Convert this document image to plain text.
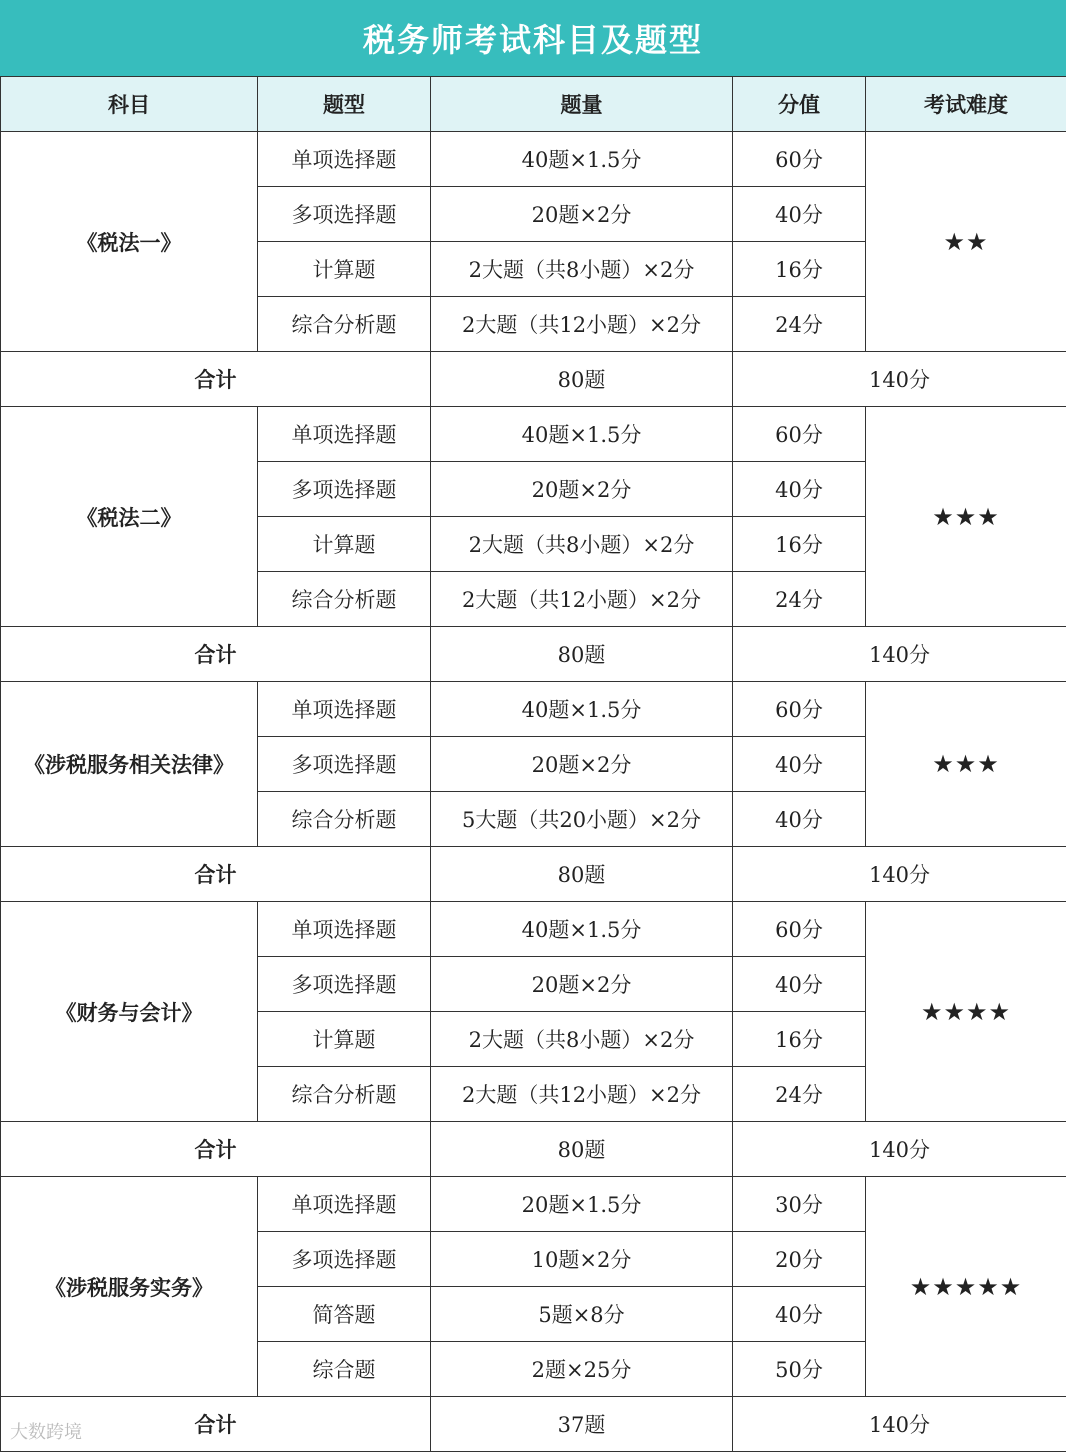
税务师考试科目及题型
科目	题型	题量	分值	考试难度
《税法一》	单项选择题	40题×1.5分	60分	★★
	多项选择题	20题×2分	40分	
	计算题	2大题（共8小题）×2分	16分	
	综合分析题	2大题（共12小题）×2分	24分	
合计		80题	140分	
《税法二》	单项选择题	40题×1.5分	60分	★★★
	多项选择题	20题×2分	40分	
	计算题	2大题（共8小题）×2分	16分	
	综合分析题	2大题（共12小题）×2分	24分	
合计		80题	140分	
《涉税服务相关法律》	单项选择题	40题×1.5分	60分	★★★
	多项选择题	20题×2分	40分	
	综合分析题	5大题（共20小题）×2分	40分	
合计		80题	140分	
《财务与会计》	单项选择题	40题×1.5分	60分	★★★★
	多项选择题	20题×2分	40分	
	计算题	2大题（共8小题）×2分	16分	
	综合分析题	2大题（共12小题）×2分	24分	
合计		80题	140分	
《涉税服务实务》	单项选择题	20题×1.5分	30分	★★★★★
	多项选择题	10题×2分	20分	
	简答题	5题×8分	40分	
	综合题	2题×25分	50分	
合计		37题	140分	
大数跨境
